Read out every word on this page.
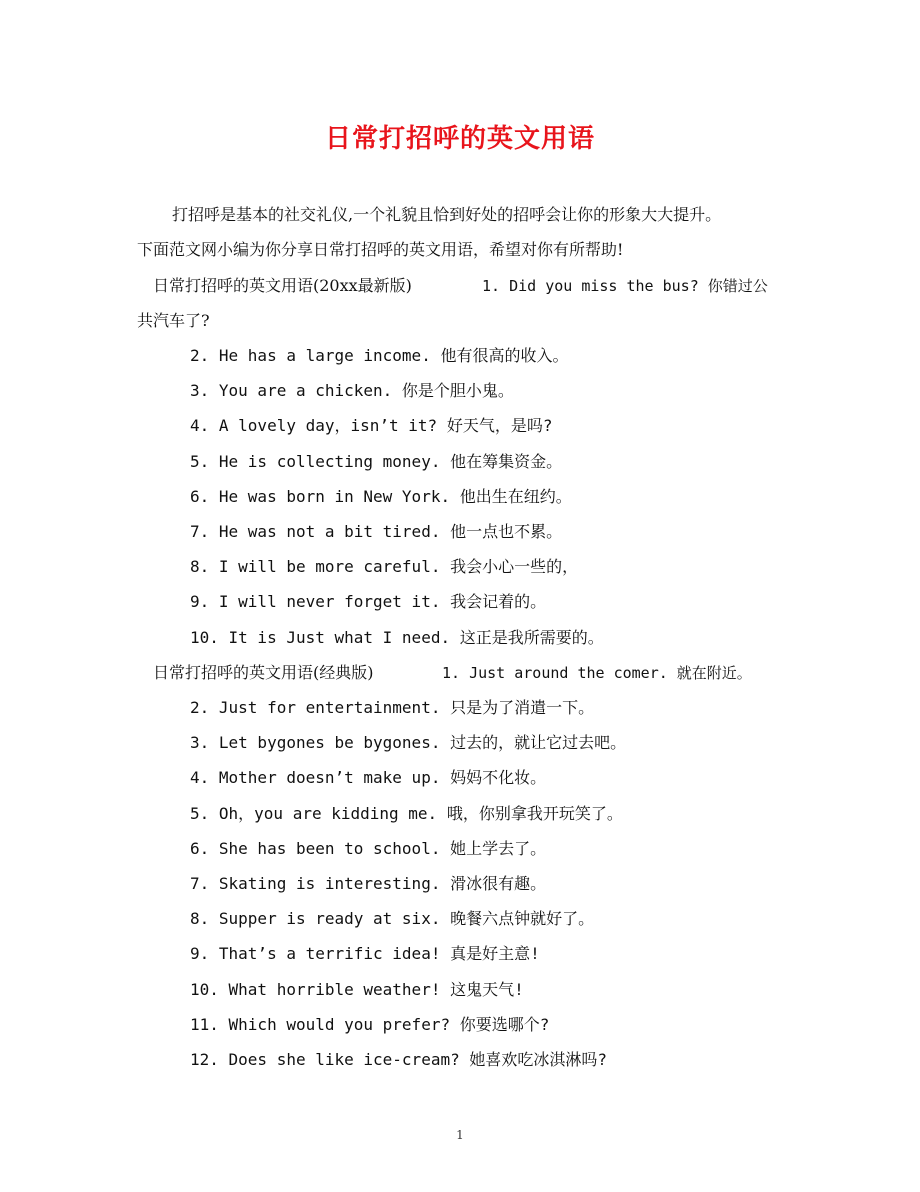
日常打招呼的英文用语
打招呼是基本的社交礼仪,一个礼貌且恰到好处的招呼会让你的形象大大提升。
下面范文网小编为你分享日常打招呼的英文用语，希望对你有所帮助!
日常打招呼的英文用语(20xx最新版)	1. Did you miss the bus? 你错过公
共汽车了?
2. He has a large income. 他有很高的收入。
3. You are a chicken. 你是个胆小鬼。
4. A lovely day，isn’t it? 好天气，是吗?
5. He is collecting money. 他在筹集资金。
6. He was born in New York. 他出生在纽约。
7. He was not a bit tired. 他一点也不累。
8. I will be more careful. 我会小心一些的，
9. I will never forget it. 我会记着的。
10. It is Just what I need. 这正是我所需要的。
日常打招呼的英文用语(经典版)	1. Just around the comer. 就在附近。
2. Just for entertainment. 只是为了消遣一下。
3. Let bygones be bygones. 过去的，就让它过去吧。
4. Mother doesn’t make up. 妈妈不化妆。
5. Oh，you are kidding me. 哦，你别拿我开玩笑了。
6. She has been to school. 她上学去了。
7. Skating is interesting. 滑冰很有趣。
8. Supper is ready at six. 晚餐六点钟就好了。
9. That’s a terrific idea! 真是好主意!
10. What horrible weather! 这鬼天气!
11. Which would you prefer? 你要选哪个?
12. Does she like ice-cream? 她喜欢吃冰淇淋吗?
1
